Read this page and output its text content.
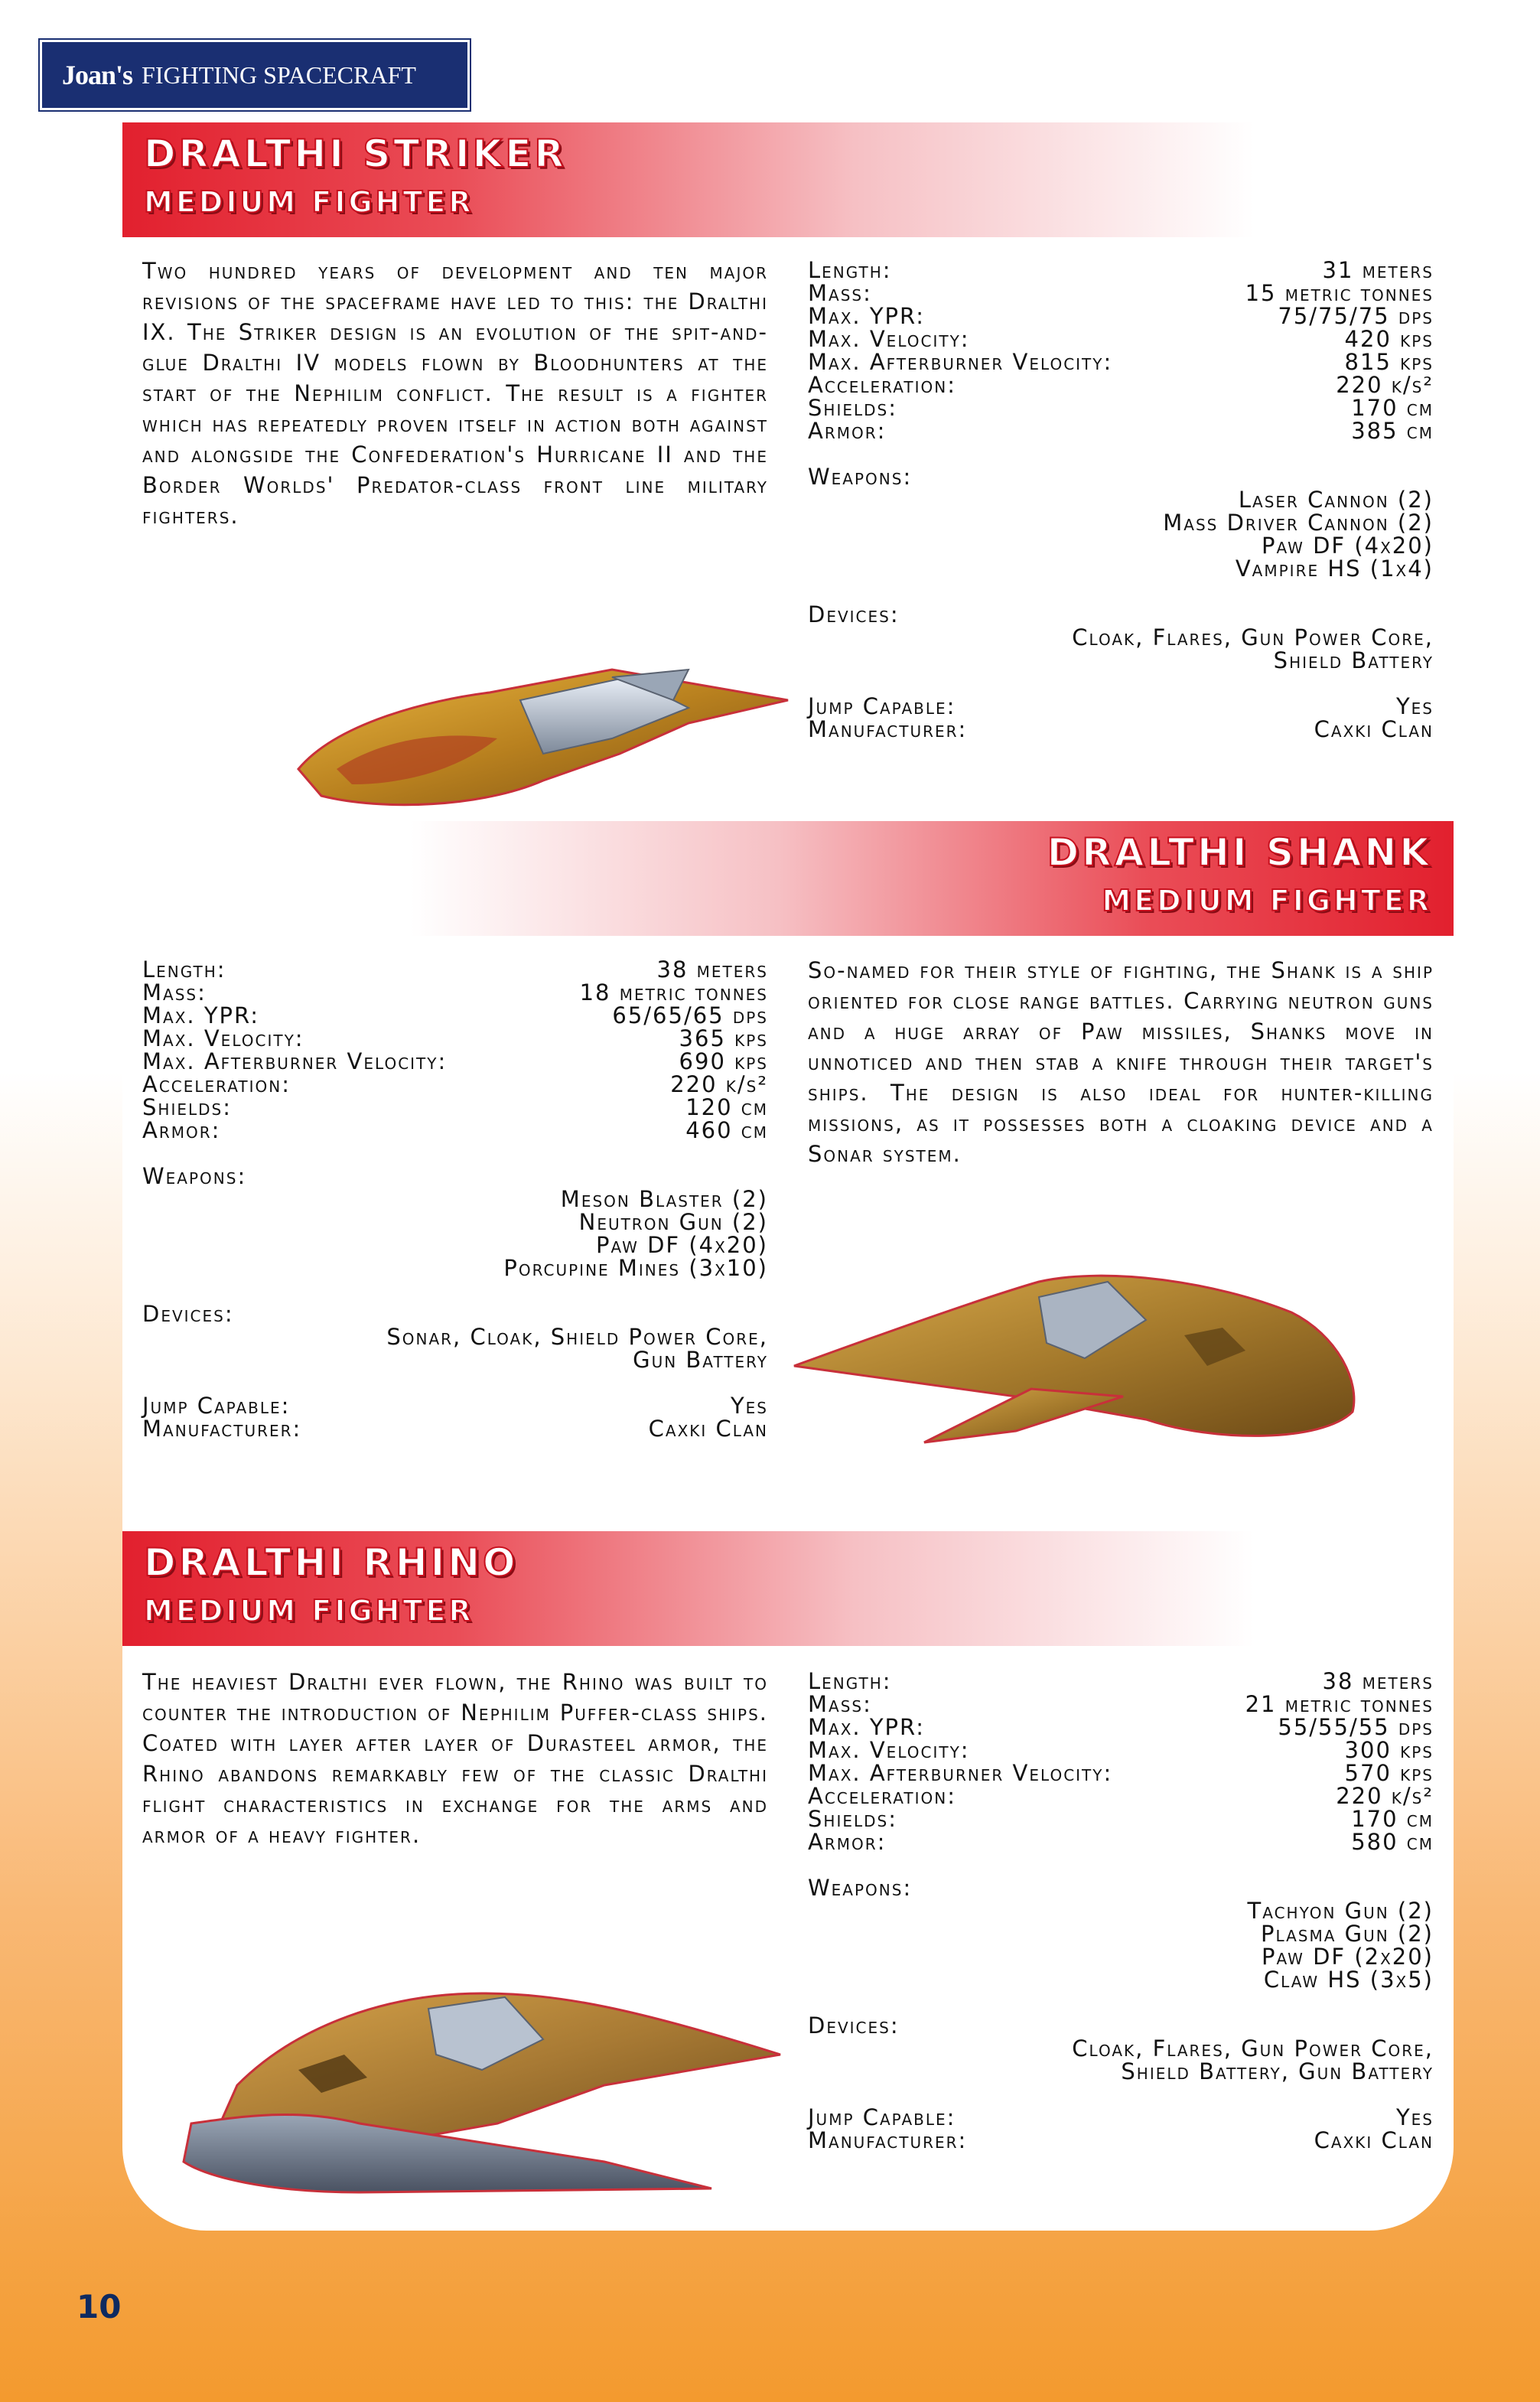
Joan's FIGHTING SPACECRAFT
DRALTHI STRIKER
MEDIUM FIGHTER
Two hundred years of development and ten major revisions of the spaceframe have led to this: the Dralthi IX. The Striker design is an evolution of the spit-and-glue Dralthi IV models flown by Bloodhunters at the start of the Nephilim conflict. The result is a fighter which has repeatedly proven itself in action both against and alongside the Confederation's Hurricane II and the Border Worlds' Predator-class front line military fighters.
Length:	31 meters
Mass:	15 metric tonnes
Max. YPR:	75/75/75 dps
Max. Velocity:	420 kps
Max. Afterburner Velocity:	815 kps
Acceleration:	220 k/s²
Shields:	170 cm
Armor:	385 cm
Weapons:
Laser Cannon (2)
Mass Driver Cannon (2)
Paw DF (4x20)
Vampire HS (1x4)
Devices:
Cloak, Flares, Gun Power Core,
Shield Battery
Jump Capable:	Yes
Manufacturer:	Caxki Clan
DRALTHI SHANK
MEDIUM FIGHTER
Length:	38 meters
Mass:	18 metric tonnes
Max. YPR:	65/65/65 dps
Max. Velocity:	365 kps
Max. Afterburner Velocity:	690 kps
Acceleration:	220 k/s²
Shields:	120 cm
Armor:	460 cm
Weapons:
Meson Blaster (2)
Neutron Gun (2)
Paw DF (4x20)
Porcupine Mines (3x10)
Devices:
Sonar, Cloak, Shield Power Core,
Gun Battery
Jump Capable:	Yes
Manufacturer:	Caxki Clan
So-named for their style of fighting, the Shank is a ship oriented for close range battles. Carrying neutron guns and a huge array of Paw missiles, Shanks move in unnoticed and then stab a knife through their target's ships. The design is also ideal for hunter-killing missions, as it possesses both a cloaking device and a Sonar system.
DRALTHI RHINO
MEDIUM FIGHTER
The heaviest Dralthi ever flown, the Rhino was built to counter the introduction of Nephilim Puffer-class ships. Coated with layer after layer of Durasteel armor, the Rhino abandons remarkably few of the classic Dralthi flight characteristics in exchange for the arms and armor of a heavy fighter.
Length:	38 meters
Mass:	21 metric tonnes
Max. YPR:	55/55/55 dps
Max. Velocity:	300 kps
Max. Afterburner Velocity:	570 kps
Acceleration:	220 k/s²
Shields:	170 cm
Armor:	580 cm
Weapons:
Tachyon Gun (2)
Plasma Gun (2)
Paw DF (2x20)
Claw HS (3x5)
Devices:
Cloak, Flares, Gun Power Core,
Shield Battery, Gun Battery
Jump Capable:	Yes
Manufacturer:	Caxki Clan
10
